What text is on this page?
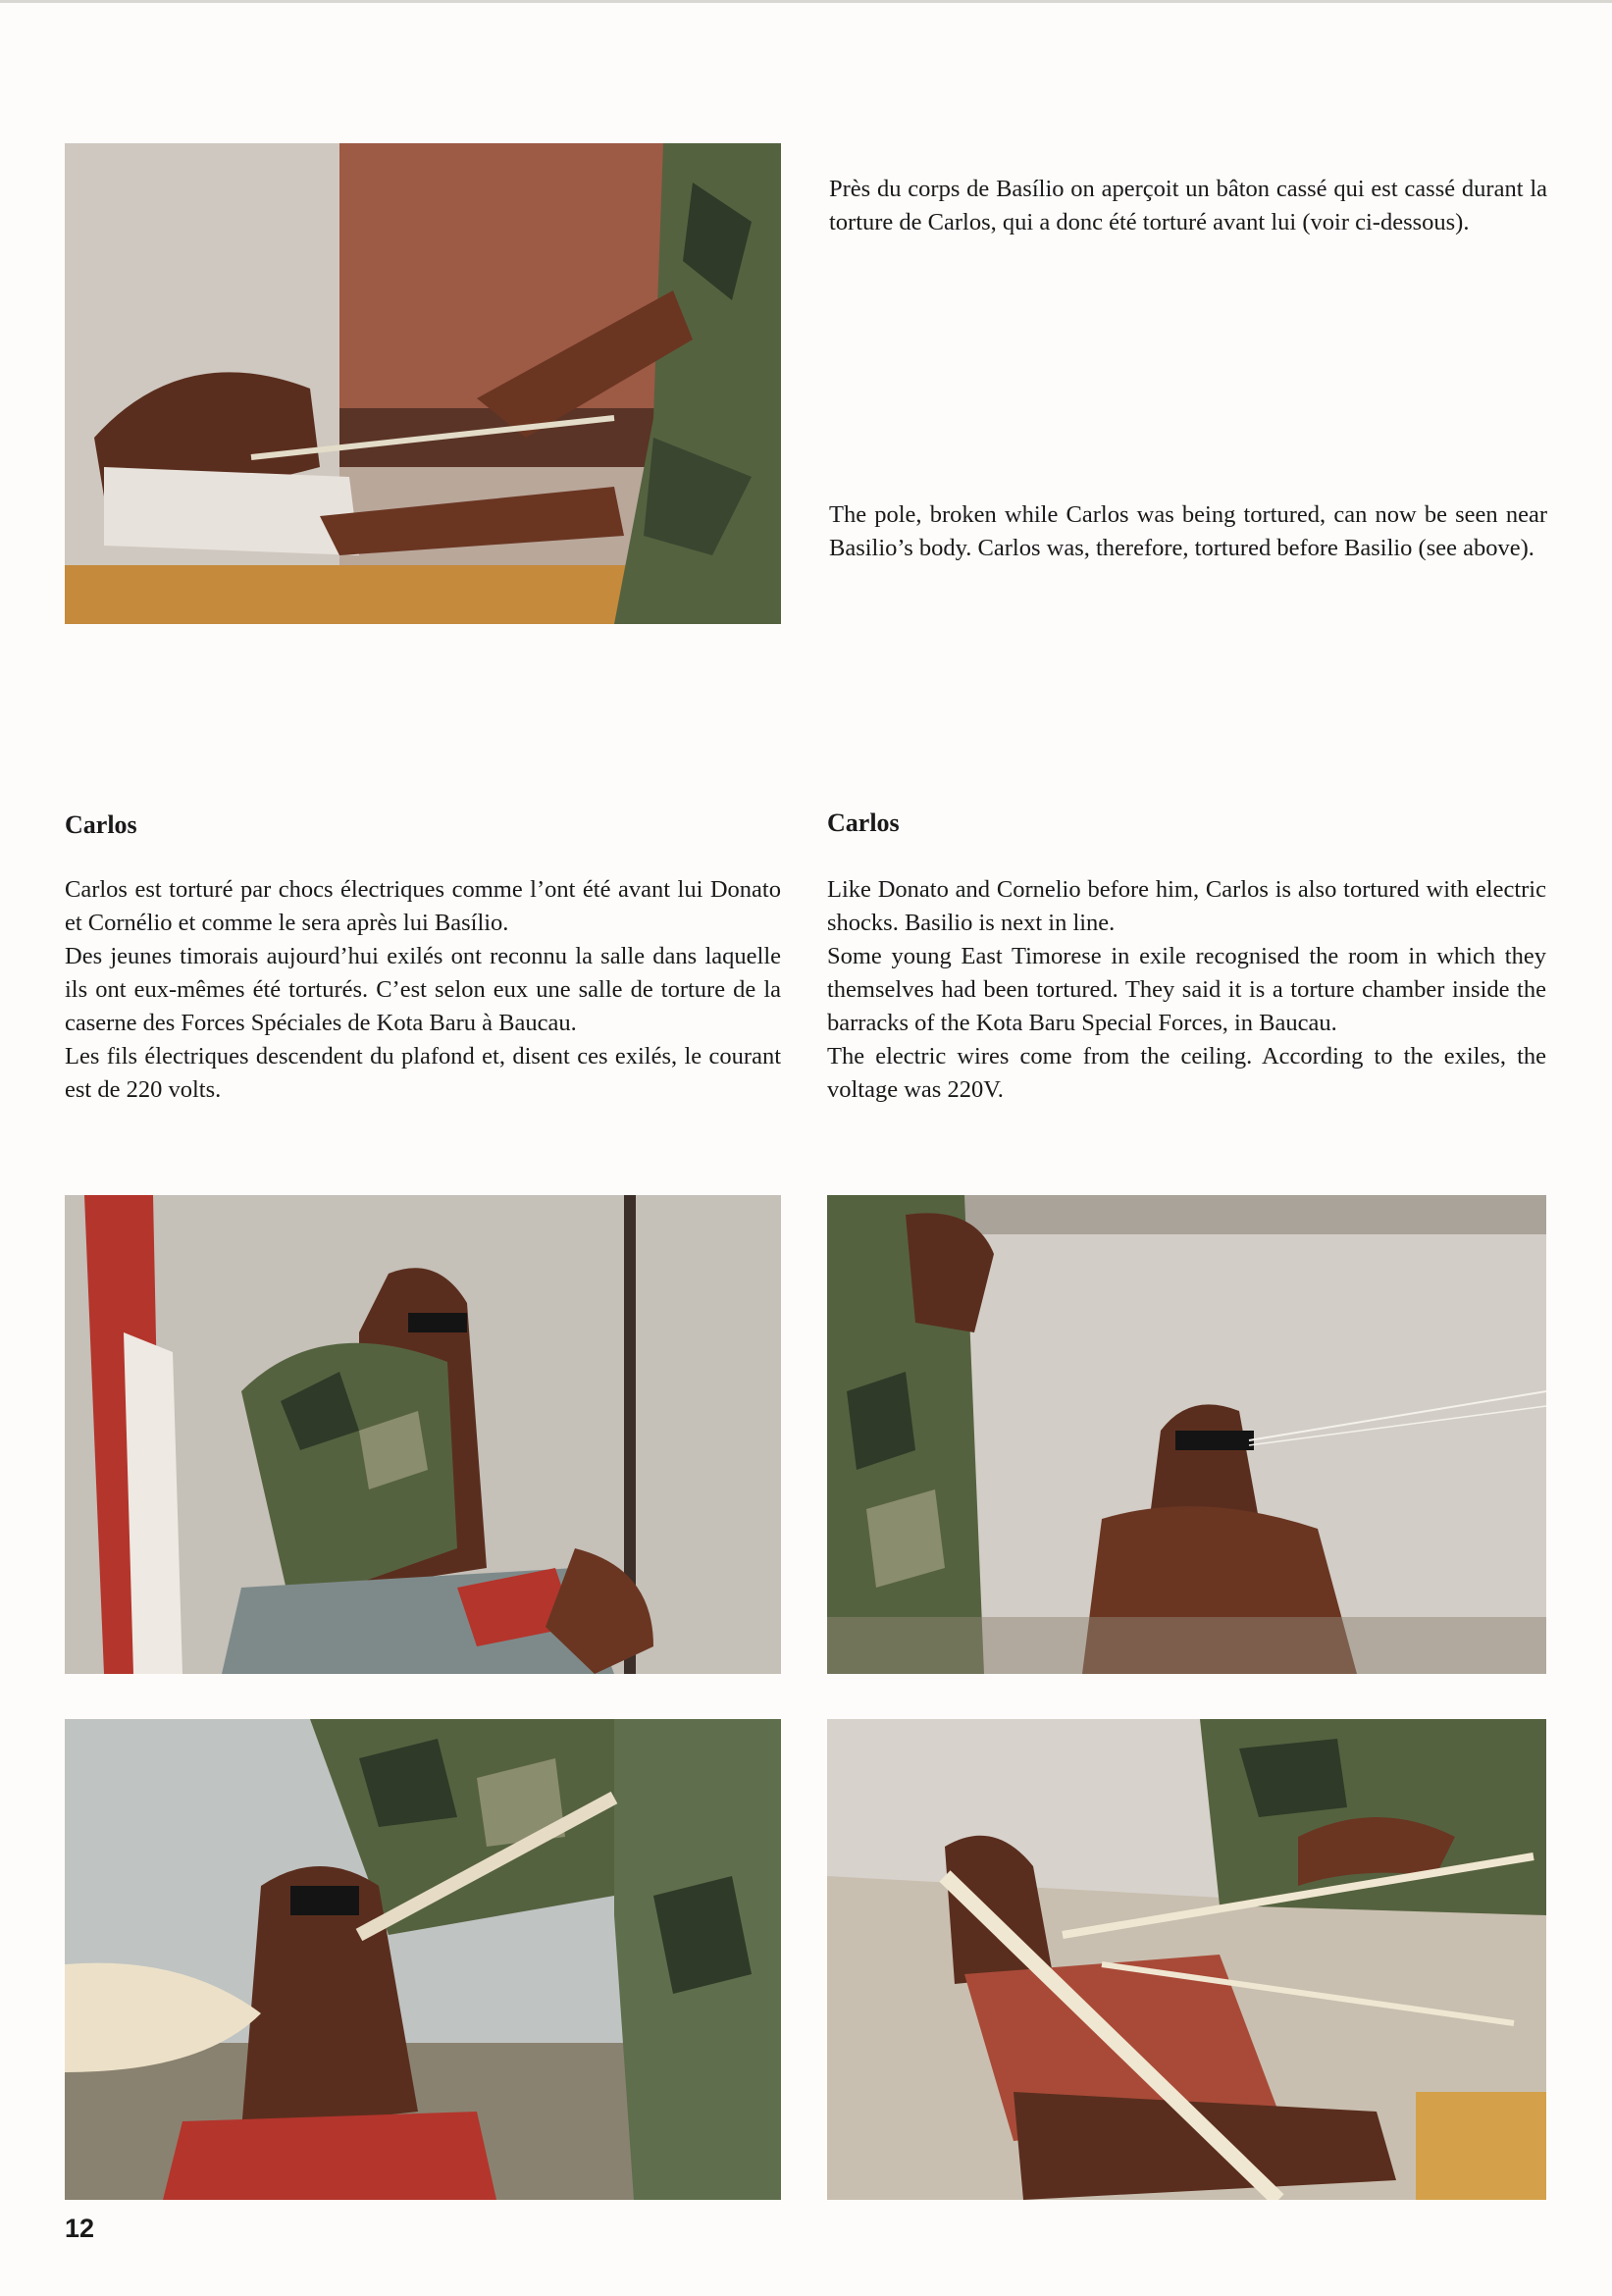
Près du corps de Basílio on aperçoit un bâton cassé qui est cassé durant la torture de Carlos, qui a donc été torturé avant lui (voir ci-dessous).

The pole, broken while Carlos was being tortured, can now be seen near Basilio’s body. Carlos was, therefore, tortured before Basilio (see above).

Carlos	Carlos

Carlos est torturé par chocs électriques comme l’ont été avant lui Donato et Cornélio et comme le sera après lui Basílio.

Des jeunes timorais aujourd’hui exilés ont reconnu la salle dans laquelle ils ont eux-mêmes été torturés. C’est selon eux une salle de torture de la caserne des Forces Spéciales de Kota Baru à Baucau.

Les fils électriques descendent du plafond et, disent ces exilés, le courant est de 220 volts.

Like Donato and Cornelio before him, Carlos is also tortured with electric shocks. Basilio is next in line.

Some young East Timorese in exile recognised the room in which they themselves had been tortured. They said it is a torture chamber inside the barracks of the Kota Baru Special Forces, in Baucau.

The electric wires come from the ceiling. According to the exiles, the voltage was 220V.

12
